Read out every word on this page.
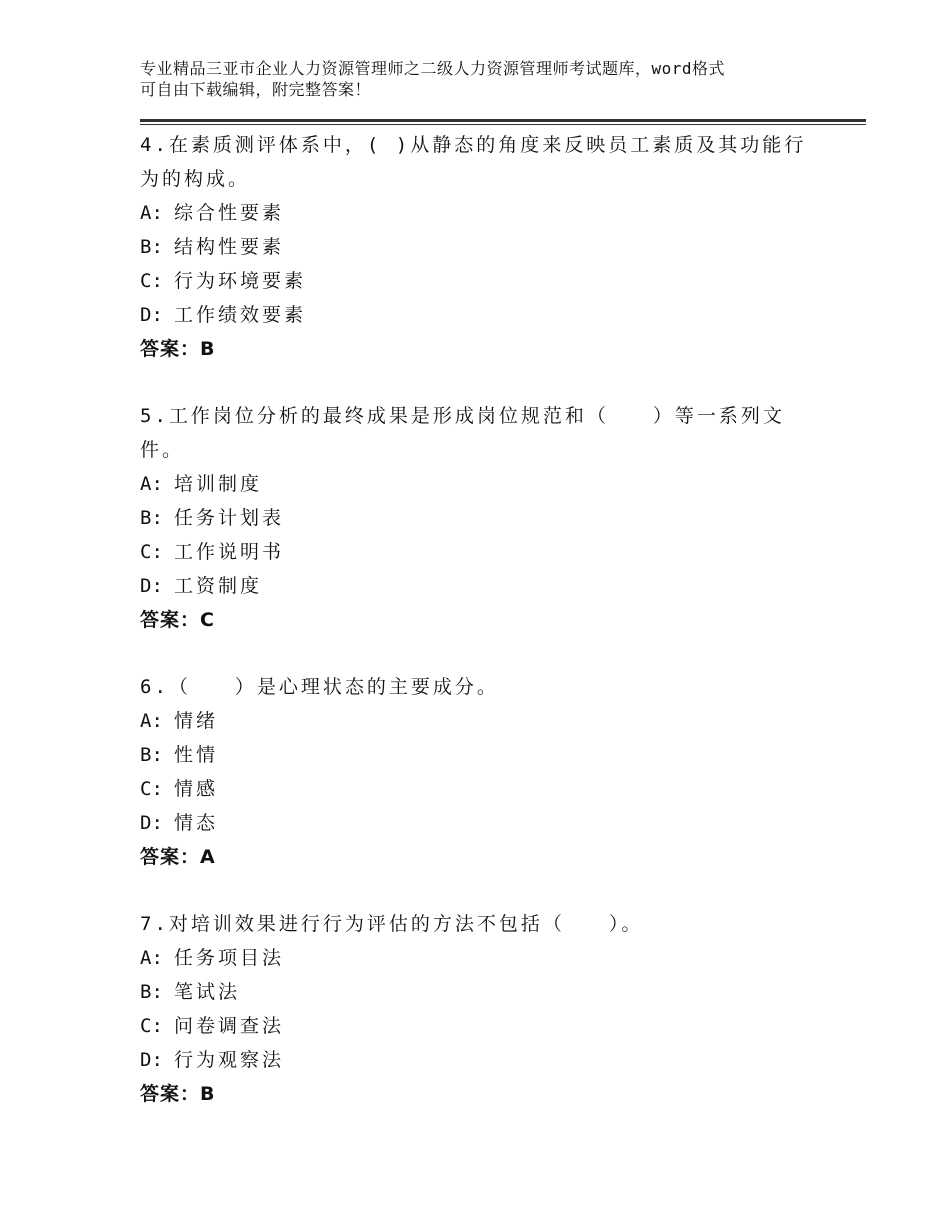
专业精品三亚市企业人力资源管理师之二级人力资源管理师考试题库，word格式

可自由下载编辑，附完整答案！

4.在素质测评体系中，( )从静态的角度来反映员工素质及其功能行为的构成。

A: 综合性要素

B: 结构性要素

C: 行为环境要素

D: 工作绩效要素

答案：B

5.工作岗位分析的最终成果是形成岗位规范和（　　）等一系列文件。

A: 培训制度

B: 任务计划表

C: 工作说明书

D: 工资制度

答案：C

6.（　　）是心理状态的主要成分。

A: 情绪

B: 性情

C: 情感

D: 情态

答案：A

7.对培训效果进行行为评估的方法不包括（　　）。

A: 任务项目法

B: 笔试法

C: 问卷调查法

D: 行为观察法

答案：B
